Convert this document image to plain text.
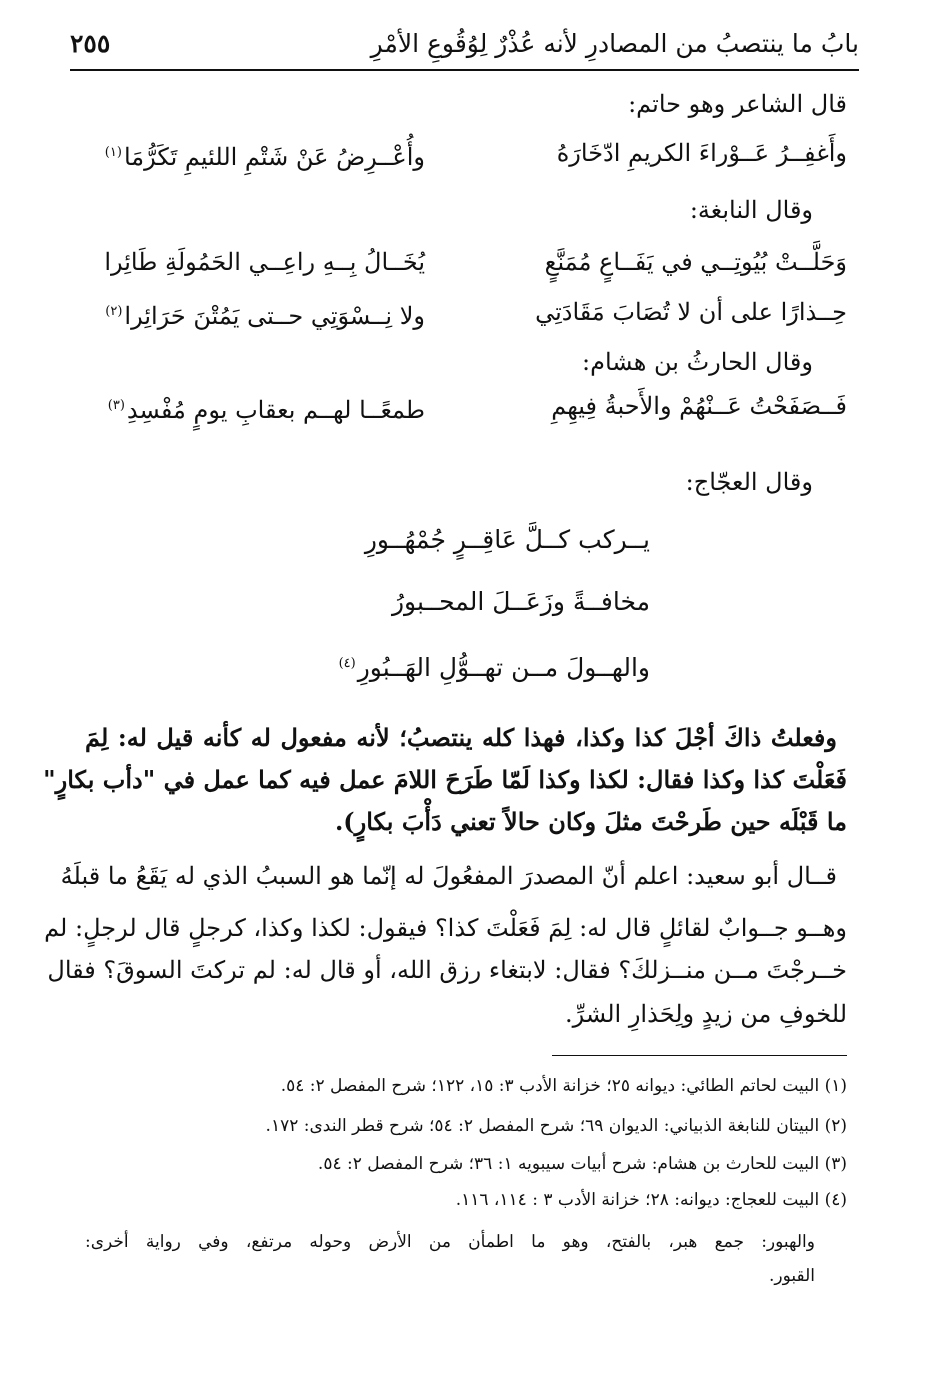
بابُ ما ينتصبُ من المصادرِ لأنه عُذْرٌ لِوُقُوعِ الأمْرِ
٢٥٥
قال الشاعر وهو حاتم:
وأَغفِــرُ عَــوْراءَ الكريمِ ادّخَارَهُ
وأُعْــرِضُ عَنْ شَتْمِ اللئيمِ تَكَرُّمَا$^{(١)}$
وقال النابغة:
وَحَلَّــتْ بُيُوتِــي في يَفَــاعٍ مُمَنَّعٍ
يُخَــالُ بِــهِ راعِــي الحَمُولَةِ طَائِرا
حِــذارًا على أن لا تُصَابَ مَقَادَتِي
ولا نِــسْوَتِي حــتى يَمُتْنَ حَرَائِرا$^{(٢)}$
وقال الحارثُ بن هشام:
فَــصَفَحْتُ عَــنْهُمْ والأَحبةُ فِيهِمِ
طمعًــا لهــم بعقابِ يومٍ مُفْسِدِ$^{(٣)}$
وقال العجّاج:
يــركب كــلَّ عَاقِــرٍ جُمْهُــورِ
مخافــةً وزَعَــلَ المحــبورُ
والهــولَ مــن تهــوُّلِ الهَــبُورِ$^{(٤)}$
وفعلتُ ذاكَ أجْلَ كذا وكذا، فهذا كله ينتصبُ؛ لأنه مفعول له كأنه قيل له: لِمَ
فَعَلْتَ كذا وكذا فقال: لكذا وكذا لَمّا طَرَحَ اللامَ عمل فيه كما عمل في "دأب بكارٍ"
ما قَبْلَه حين طَرحْتَ مثلَ وكان حالاً تعني دَأْبَ بكارٍ).
قــال أبو سعيد: اعلم أنّ المصدرَ المفعُولَ له إنّما هو السببُ الذي له يَقَعُ ما قبلَهُ
وهــو جــوابٌ لقائلٍ قال له: لِمَ فَعَلْتَ كذا؟ فيقول: لكذا وكذا، كرجلٍ قال لرجلٍ: لم
خــرجْتَ مــن منــزلكَ؟ فقال: لابتغاء رزق الله، أو قال له: لم تركتَ السوقَ؟ فقال
للخوفِ من زيدٍ ولِحَذارِ الشرِّ.
(١) البيت لحاتم الطائي: ديوانه ٢٥؛ خزانة الأدب ٣: ١٥، ١٢٢؛ شرح المفصل ٢: ٥٤.
(٢) البيتان للنابغة الذبياني: الديوان ٦٩؛ شرح المفصل ٢: ٥٤؛ شرح قطر الندى: ١٧٢.
(٣) البيت للحارث بن هشام: شرح أبيات سيبويه ١: ٣٦؛ شرح المفصل ٢: ٥٤.
(٤) البيت للعجاج: ديوانه: ٢٨؛ خزانة الأدب ٣ : ١١٤، ١١٦.
والهبور: جمع هبر، بالفتح، وهو ما اطمأن من الأرض وحوله مرتفع، وفي رواية أخرى:
القبور.
